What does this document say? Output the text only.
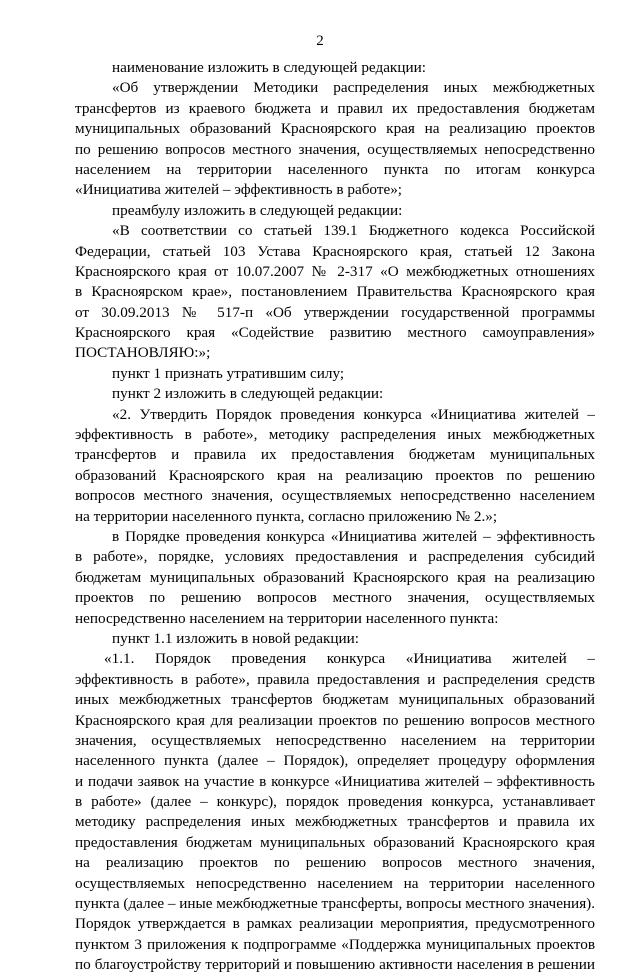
2
наименование изложить в следующей редакции:
«Об утверждении Методики распределения иных межбюджетных
трансфертов из краевого бюджета и правил их предоставления бюджетам
муниципальных образований Красноярского края на реализацию проектов
по решению вопросов местного значения, осуществляемых непосредственно
населением на территории населенного пункта по итогам конкурса
«Инициатива жителей – эффективность в работе»;
преамбулу изложить в следующей редакции:
«В соответствии со статьей 139.1 Бюджетного кодекса Российской
Федерации, статьей 103 Устава Красноярского края, статьей 12 Закона
Красноярского края от 10.07.2007 № 2-317 «О межбюджетных отношениях
в Красноярском крае», постановлением Правительства Красноярского края
от 30.09.2013 № 517-п «Об утверждении государственной программы
Красноярского края «Содействие развитию местного самоуправления»
ПОСТАНОВЛЯЮ:»;
пункт 1 признать утратившим силу;
пункт 2 изложить в следующей редакции:
«2. Утвердить Порядок проведения конкурса «Инициатива жителей –
эффективность в работе», методику распределения иных межбюджетных
трансфертов и правила их предоставления бюджетам муниципальных
образований Красноярского края на реализацию проектов по решению
вопросов местного значения, осуществляемых непосредственно населением
на территории населенного пункта, согласно приложению № 2.»;
в Порядке проведения конкурса «Инициатива жителей – эффективность
в работе», порядке, условиях предоставления и распределения субсидий
бюджетам муниципальных образований Красноярского края на реализацию
проектов по решению вопросов местного значения, осуществляемых
непосредственно населением на территории населенного пункта:
пункт 1.1 изложить в новой редакции:
«1.1. Порядок проведения конкурса «Инициатива жителей –
эффективность в работе», правила предоставления и распределения средств
иных межбюджетных трансфертов бюджетам муниципальных образований
Красноярского края для реализации проектов по решению вопросов местного
значения, осуществляемых непосредственно населением на территории
населенного пункта (далее – Порядок), определяет процедуру оформления
и подачи заявок на участие в конкурсе «Инициатива жителей – эффективность
в работе» (далее – конкурс), порядок проведения конкурса, устанавливает
методику распределения иных межбюджетных трансфертов и правила их
предоставления бюджетам муниципальных образований Красноярского края
на реализацию проектов по решению вопросов местного значения,
осуществляемых непосредственно населением на территории населенного
пункта (далее – иные межбюджетные трансферты, вопросы местного значения).
Порядок утверждается в рамках реализации мероприятия, предусмотренного
пунктом 3 приложения к подпрограмме «Поддержка муниципальных проектов
по благоустройству территорий и повышению активности населения в решении
